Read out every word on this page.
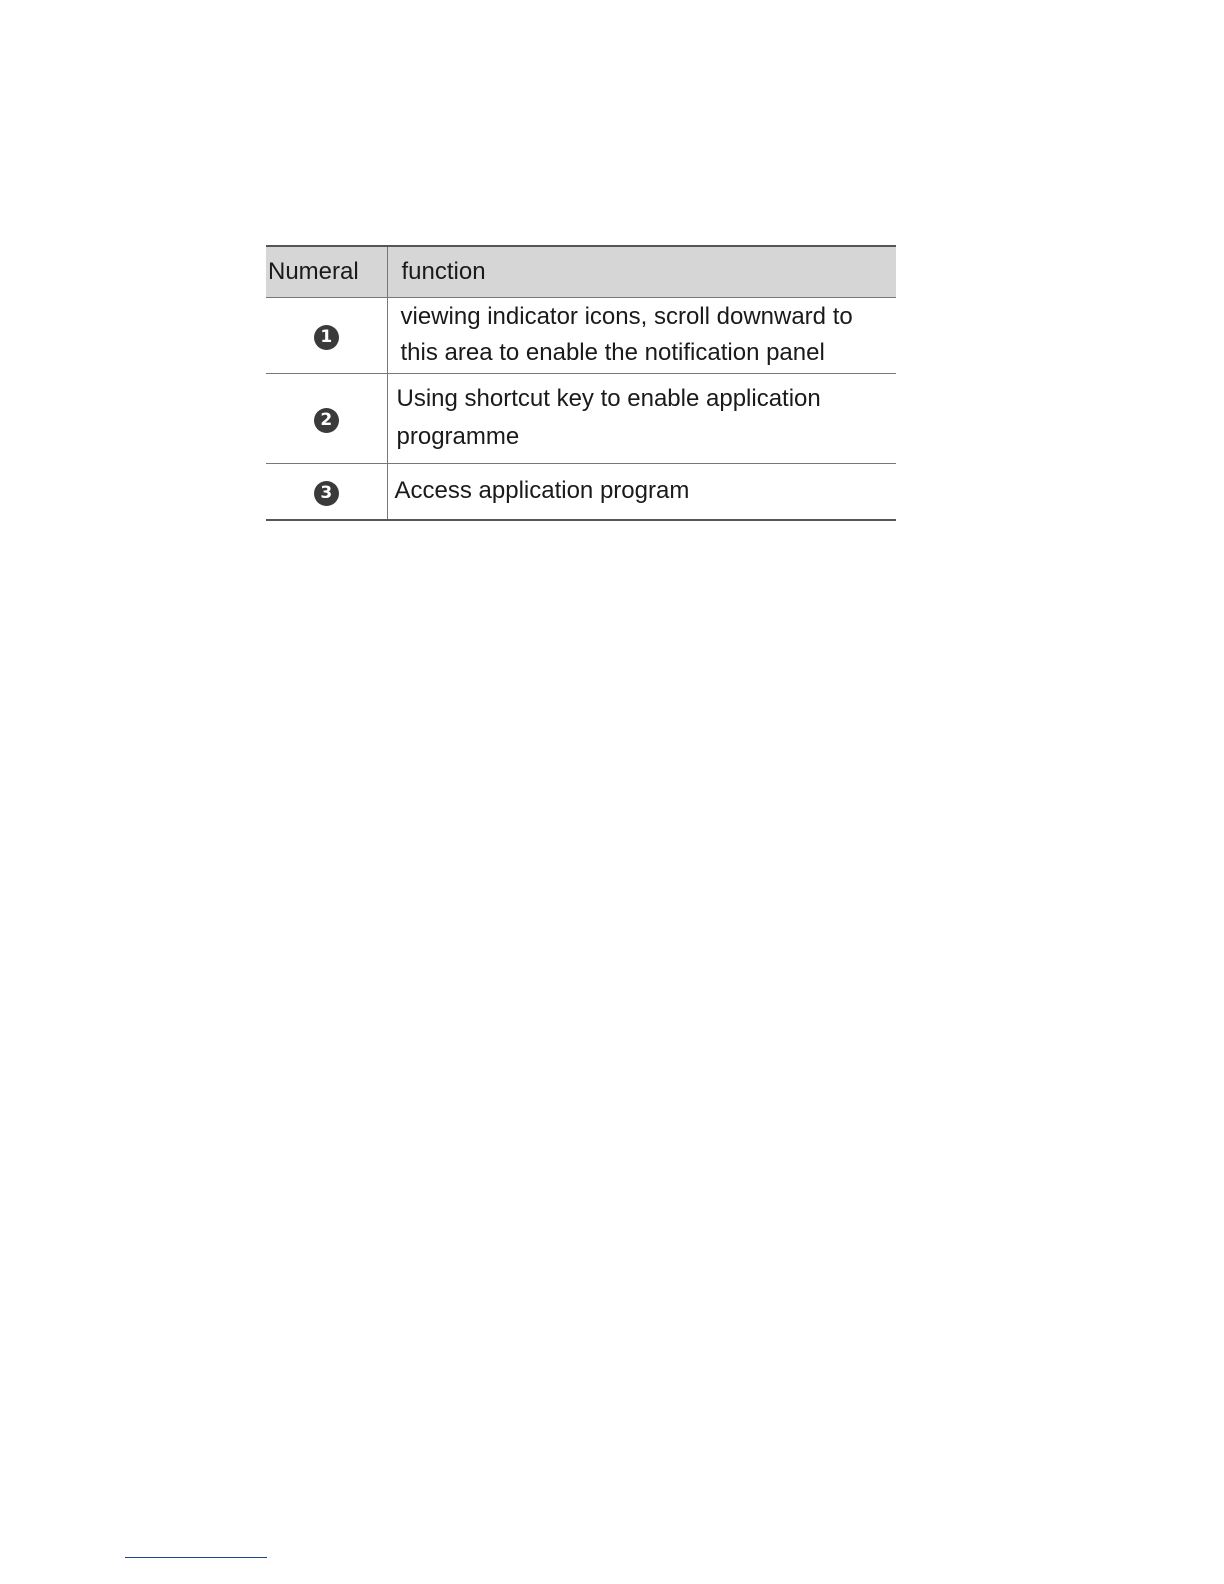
Numeral	function
1	viewing indicator icons, scroll downward to this area to enable the notification panel
2	Using shortcut key to enable application programme
3	Access application program
